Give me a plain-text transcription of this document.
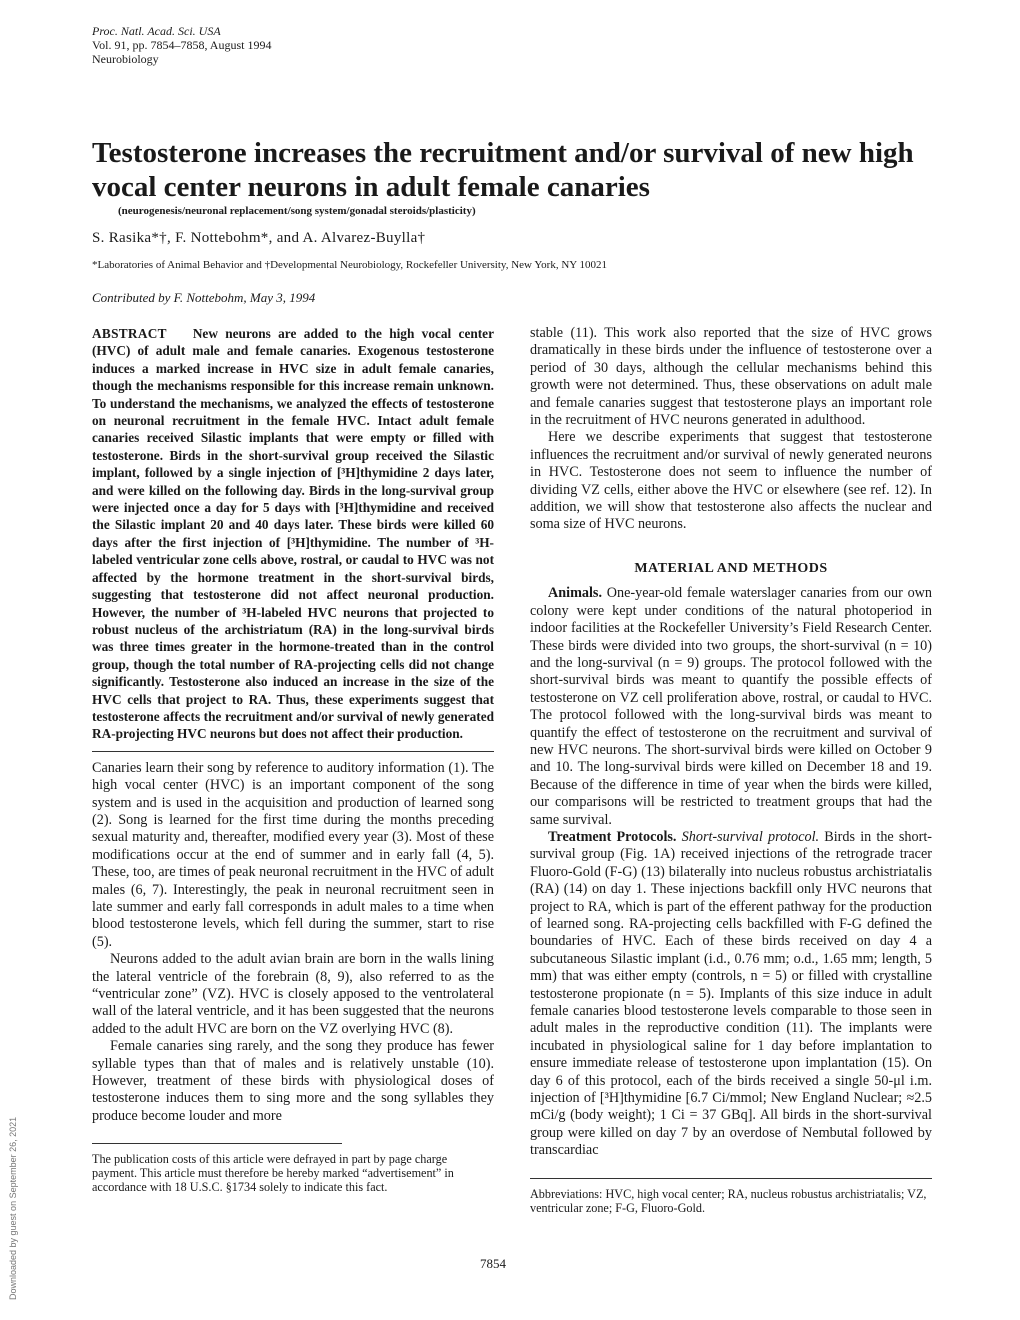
Proc. Natl. Acad. Sci. USA
Vol. 91, pp. 7854–7858, August 1994
Neurobiology
Testosterone increases the recruitment and/or survival of new high vocal center neurons in adult female canaries
(neurogenesis/neuronal replacement/song system/gonadal steroids/plasticity)
S. Rasika*†, F. Nottebohm*, and A. Alvarez-Buylla†
*Laboratories of Animal Behavior and †Developmental Neurobiology, Rockefeller University, New York, NY 10021
Contributed by F. Nottebohm, May 3, 1994

ABSTRACT New neurons are added to the high vocal center (HVC) of adult male and female canaries. Exogenous testosterone induces a marked increase in HVC size in adult female canaries, though the mechanisms responsible for this increase remain unknown. To understand the mechanisms, we analyzed the effects of testosterone on neuronal recruitment in the female HVC. Intact adult female canaries received Silastic implants that were empty or filled with testosterone. Birds in the short-survival group received the Silastic implant, followed by a single injection of [³H]thymidine 2 days later, and were killed on the following day. Birds in the long-survival group were injected once a day for 5 days with [³H]thymidine and received the Silastic implant 20 and 40 days later. These birds were killed 60 days after the first injection of [³H]thymidine. The number of ³H-labeled ventricular zone cells above, rostral, or caudal to HVC was not affected by the hormone treatment in the short-survival birds, suggesting that testosterone did not affect neuronal production. However, the number of ³H-labeled HVC neurons that projected to robust nucleus of the archistriatum (RA) in the long-survival birds was three times greater in the hormone-treated than in the control group, though the total number of RA-projecting cells did not change significantly. Testosterone also induced an increase in the size of the HVC cells that project to RA. Thus, these experiments suggest that testosterone affects the recruitment and/or survival of newly generated RA-projecting HVC neurons but does not affect their production.

Canaries learn their song by reference to auditory information (1). The high vocal center (HVC) is an important component of the song system and is used in the acquisition and production of learned song (2). Song is learned for the first time during the months preceding sexual maturity and, thereafter, modified every year (3). Most of these modifications occur at the end of summer and in early fall (4, 5). These, too, are times of peak neuronal recruitment in the HVC of adult males (6, 7). Interestingly, the peak in neuronal recruitment seen in late summer and early fall corresponds in adult males to a time when blood testosterone levels, which fell during the summer, start to rise (5).

Neurons added to the adult avian brain are born in the walls lining the lateral ventricle of the forebrain (8, 9), also referred to as the “ventricular zone” (VZ). HVC is closely apposed to the ventrolateral wall of the lateral ventricle, and it has been suggested that the neurons added to the adult HVC are born on the VZ overlying HVC (8).

Female canaries sing rarely, and the song they produce has fewer syllable types than that of males and is relatively unstable (10). However, treatment of these birds with physiological doses of testosterone induces them to sing more and the song syllables they produce become louder and more

The publication costs of this article were defrayed in part by page charge payment. This article must therefore be hereby marked “advertisement” in accordance with 18 U.S.C. §1734 solely to indicate this fact.

stable (11). This work also reported that the size of HVC grows dramatically in these birds under the influence of testosterone over a period of 30 days, although the cellular mechanisms behind this growth were not determined. Thus, these observations on adult male and female canaries suggest that testosterone plays an important role in the recruitment of HVC neurons generated in adulthood.

Here we describe experiments that suggest that testosterone influences the recruitment and/or survival of newly generated neurons in HVC. Testosterone does not seem to influence the number of dividing VZ cells, either above the HVC or elsewhere (see ref. 12). In addition, we will show that testosterone also affects the nuclear and soma size of HVC neurons.

MATERIAL AND METHODS

Animals. One-year-old female waterslager canaries from our own colony were kept under conditions of the natural photoperiod in indoor facilities at the Rockefeller University’s Field Research Center. These birds were divided into two groups, the short-survival (n = 10) and the long-survival (n = 9) groups. The protocol followed with the short-survival birds was meant to quantify the possible effects of testosterone on VZ cell proliferation above, rostral, or caudal to HVC. The protocol followed with the long-survival birds was meant to quantify the effect of testosterone on the recruitment and survival of new HVC neurons. The short-survival birds were killed on October 9 and 10. The long-survival birds were killed on December 18 and 19. Because of the difference in time of year when the birds were killed, our comparisons will be restricted to treatment groups that had the same survival.

Treatment Protocols. Short-survival protocol. Birds in the short-survival group (Fig. 1A) received injections of the retrograde tracer Fluoro-Gold (F-G) (13) bilaterally into nucleus robustus archistriatalis (RA) (14) on day 1. These injections backfill only HVC neurons that project to RA, which is part of the efferent pathway for the production of learned song. RA-projecting cells backfilled with F-G defined the boundaries of HVC. Each of these birds received on day 4 a subcutaneous Silastic implant (i.d., 0.76 mm; o.d., 1.65 mm; length, 5 mm) that was either empty (controls, n = 5) or filled with crystalline testosterone propionate (n = 5). Implants of this size induce in adult female canaries blood testosterone levels comparable to those seen in adult males in the reproductive condition (11). The implants were incubated in physiological saline for 1 day before implantation to ensure immediate release of testosterone upon implantation (15). On day 6 of this protocol, each of the birds received a single 50-μl i.m. injection of [³H]thymidine [6.7 Ci/mmol; New England Nuclear; ≈2.5 mCi/g (body weight); 1 Ci = 37 GBq]. All birds in the short-survival group were killed on day 7 by an overdose of Nembutal followed by transcardiac

Abbreviations: HVC, high vocal center; RA, nucleus robustus archistriatalis; VZ, ventricular zone; F-G, Fluoro-Gold.

7854
Downloaded by guest on September 26, 2021
